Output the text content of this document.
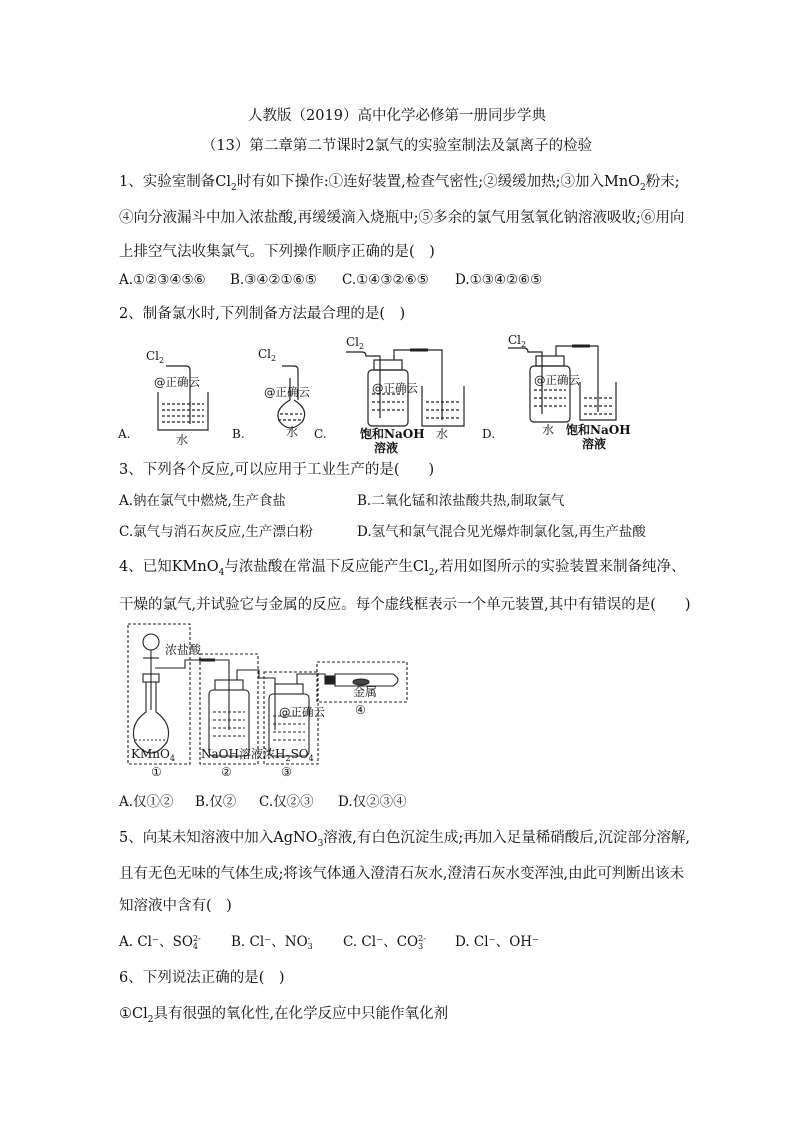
人教版（2019）高中化学必修第一册同步学典
（13）第二章第二节课时2氯气的实验室制法及氯离子的检验
1、实验室制备$Cl_2$时有如下操作:①连好装置,检查气密性;②缓缓加热;③加入MnO$_2$粉末;
④向分液漏斗中加入浓盐酸,再缓缓滴入烧瓶中;⑤多余的氯气用氢氧化钠溶液吸收;⑥用向
上排空气法收集氯气。下列操作顺序正确的是(　)
A.①②③④⑤⑥ B.③④②①⑥⑤ C.①④③②⑥⑤ D.①③④②⑥⑤
2、制备氯水时,下列制备方法最合理的是(　)
$Cl_2$	$Cl_2$
$Cl_2$	$Cl_2$
@正确云
@正确云	@正确云
@正确云
水
水	饱和NaOH
溶液
水	水 饱和NaOH
溶液
A.	B.	C.	D.
3、下列各个反应,可以应用于工业生产的是(　　)
A.钠在氯气中燃烧,生产食盐	B.二氧化锰和浓盐酸共热,制取氯气
C.氯气与消石灰反应,生产漂白粉	D.氢气和氯气混合见光爆炸制氯化氢,再生产盐酸
4、已知KMnO$_4$与浓盐酸在常温下反应能产生$Cl_2$,若用如图所示的实验装置来制备纯净、
干燥的氯气,并试验它与金属的反应。每个虚线框表示一个单元装置,其中有错误的是(　　)
浓盐酸
KMnO$_4$ NaOH溶液 浓$H_2SO_4$
金属
④
①	②	③
@正确云
A.仅①② B.仅② C.仅②③ D.仅②③④
5、向某未知溶液中加入AgNO$_3$溶液,有白色沉淀生成;再加入足量稀硝酸后,沉淀部分溶解,
且有无色无味的气体生成;将该气体通入澄清石灰水,澄清石灰水变浑浊,由此可判断出该未
知溶液中含有(　)
A. Cl⁻、SO2-
4 B. Cl⁻、NO-
3 C. Cl⁻、CO2-
3 D. Cl⁻、OH⁻
6、下列说法正确的是(　)
$①Cl_2$具有很强的氧化性,在化学反应中只能作氧化剂
